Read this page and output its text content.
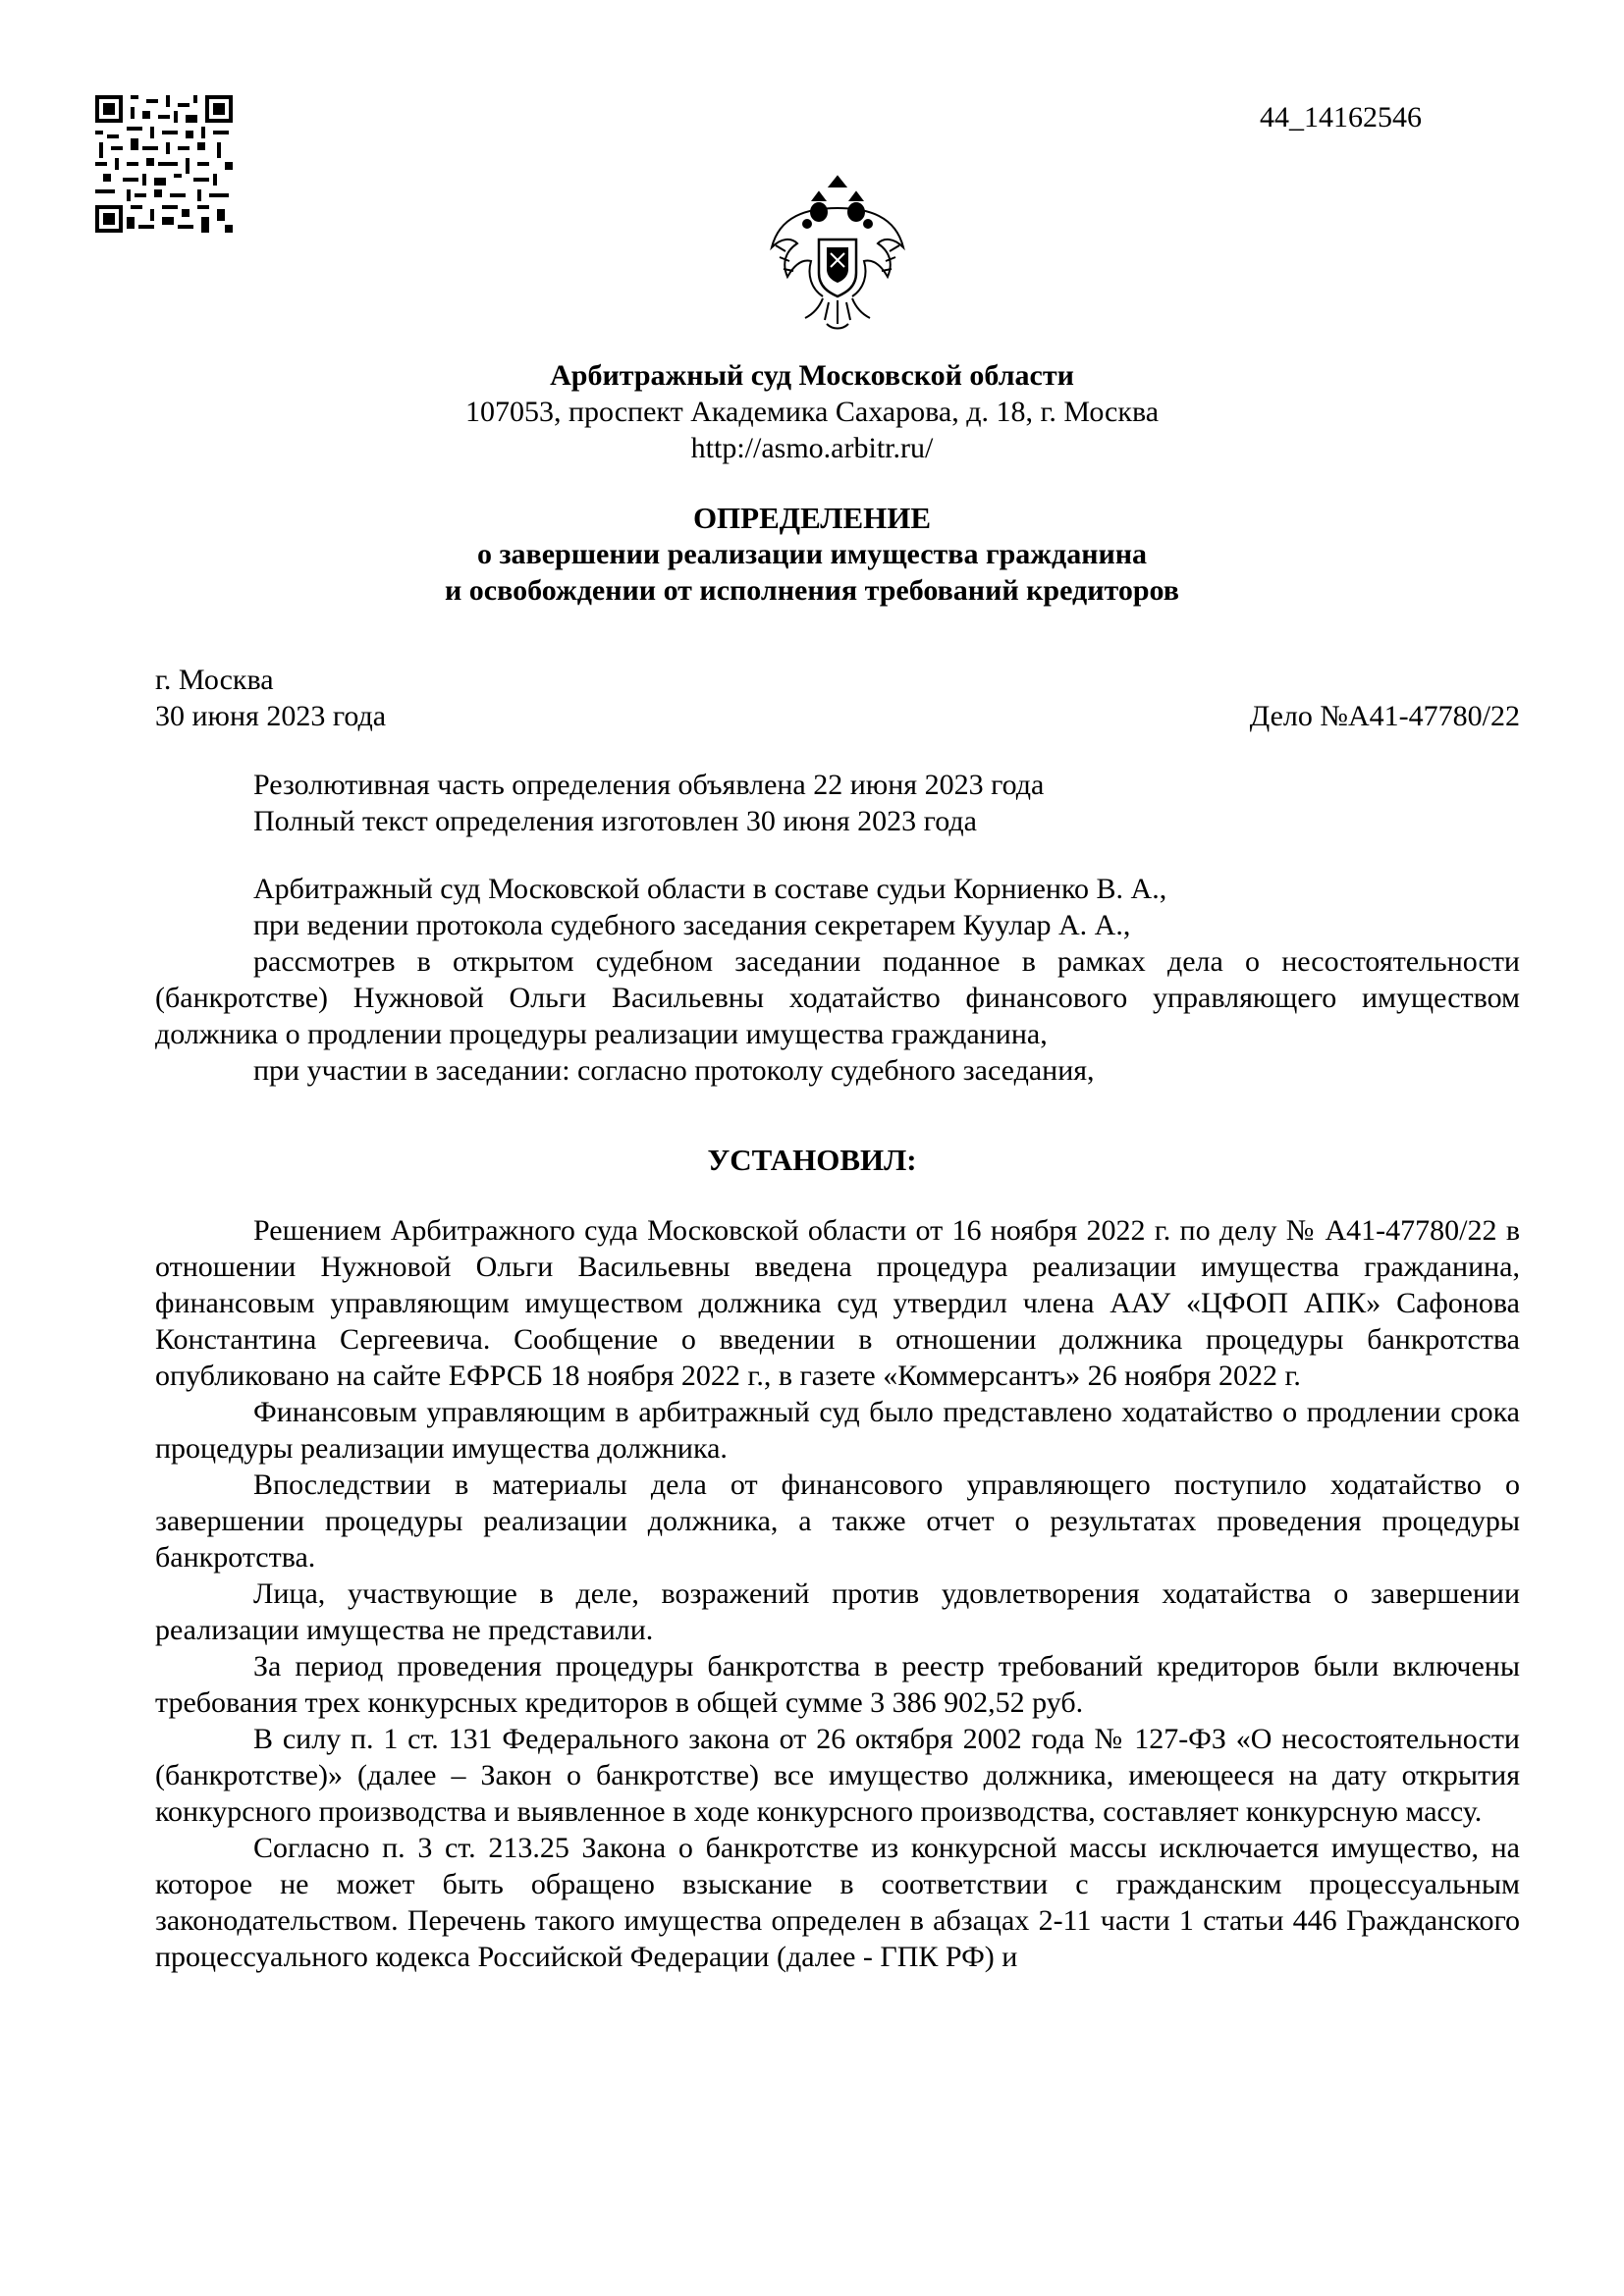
44_14162546
Арбитражный суд Московской области
107053, проспект Академика Сахарова, д. 18, г. Москва
http://asmo.arbitr.ru/
ОПРЕДЕЛЕНИЕ
о завершении реализации имущества гражданина
и освобождении от исполнения требований кредиторов
г. Москва
30 июня 2023 года	Дело №А41-47780/22
Резолютивная часть определения объявлена 22 июня 2023 года
Полный текст определения изготовлен 30 июня 2023 года

Арбитражный суд Московской области в составе судьи Корниенко В. А.,

при ведении протокола судебного заседания секретарем Куулар А. А.,

рассмотрев в открытом судебном заседании поданное в рамках дела о несостоятельности (банкротстве) Нужновой Ольги Васильевны ходатайство финансового управляющего имуществом должника о продлении процедуры реализации имущества гражданина,

при участии в заседании: согласно протоколу судебного заседания,

УСТАНОВИЛ:

Решением Арбитражного суда Московской области от 16 ноября 2022 г. по делу № А41-47780/22 в отношении Нужновой Ольги Васильевны введена процедура реализации имущества гражданина, финансовым управляющим имуществом должника суд утвердил члена ААУ «ЦФОП АПК» Сафонова Константина Сергеевича. Сообщение о введении в отношении должника процедуры банкротства опубликовано на сайте ЕФРСБ 18 ноября 2022 г., в газете «Коммерсантъ» 26 ноября 2022 г.

Финансовым управляющим в арбитражный суд было представлено ходатайство о продлении срока процедуры реализации имущества должника.

Впоследствии в материалы дела от финансового управляющего поступило ходатайство о завершении процедуры реализации должника, а также отчет о результатах проведения процедуры банкротства.

Лица, участвующие в деле, возражений против удовлетворения ходатайства о завершении реализации имущества не представили.

За период проведения процедуры банкротства в реестр требований кредиторов были включены требования трех конкурсных кредиторов в общей сумме 3 386 902,52 руб.

В силу п. 1 ст. 131 Федерального закона от 26 октября 2002 года № 127-ФЗ «О несостоятельности (банкротстве)» (далее – Закон о банкротстве) все имущество должника, имеющееся на дату открытия конкурсного производства и выявленное в ходе конкурсного производства, составляет конкурсную массу.

Согласно п. 3 ст. 213.25 Закона о банкротстве из конкурсной массы исключается имущество, на которое не может быть обращено взыскание в соответствии с гражданским процессуальным законодательством. Перечень такого имущества определен в абзацах 2-11 части 1 статьи 446 Гражданского процессуального кодекса Российской Федерации (далее - ГПК РФ) и
